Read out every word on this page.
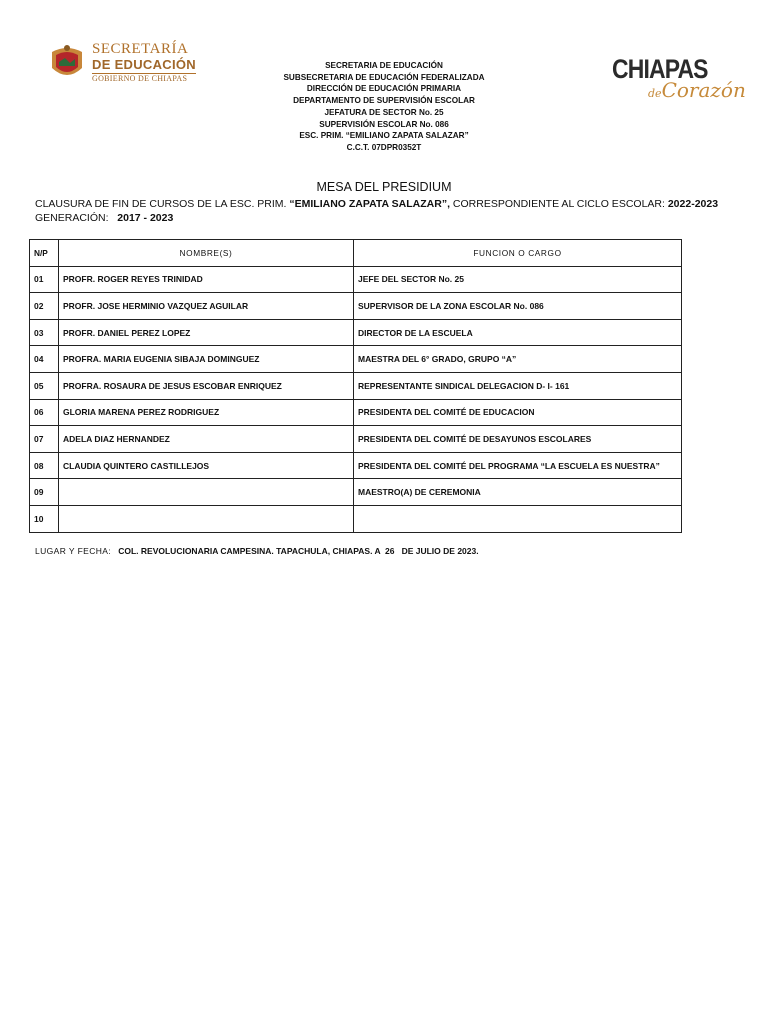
SECRETARÍA
DE EDUCACIÓN
GOBIERNO DE CHIAPAS
SECRETARIA DE EDUCACIÓN
SUBSECRETARIA DE EDUCACIÓN FEDERALIZADA
DIRECCIÓN DE EDUCACIÓN PRIMARIA
DEPARTAMENTO DE SUPERVISIÓN ESCOLAR
JEFATURA DE SECTOR No. 25
SUPERVISIÓN ESCOLAR No. 086
ESC. PRIM. “EMILIANO ZAPATA SALAZAR”
C.C.T. 07DPR0352T
CHIAPAS
deCorazón
MESA DEL PRESIDIUM
CLAUSURA DE FIN DE CURSOS DE LA ESC. PRIM. “EMILIANO ZAPATA SALAZAR”, CORRESPONDIENTE AL CICLO ESCOLAR: 2022-2023
GENERACIÓN: 2017 - 2023
N/P	NOMBRE(S)	FUNCION O CARGO
01	PROFR. ROGER REYES TRINIDAD	JEFE DEL SECTOR No. 25
02	PROFR. JOSE HERMINIO VAZQUEZ AGUILAR	SUPERVISOR DE LA ZONA ESCOLAR No. 086
03	PROFR. DANIEL PEREZ LOPEZ	DIRECTOR DE LA ESCUELA
04	PROFRA. MARIA EUGENIA SIBAJA DOMINGUEZ	MAESTRA DEL 6° GRADO, GRUPO “A”
05	PROFRA. ROSAURA DE JESUS ESCOBAR ENRIQUEZ	REPRESENTANTE SINDICAL DELEGACION D- I- 161
06	GLORIA MARENA PEREZ RODRIGUEZ	PRESIDENTA DEL COMITÉ DE EDUCACION
07	ADELA DIAZ HERNANDEZ	PRESIDENTA DEL COMITÉ DE DESAYUNOS ESCOLARES
08	CLAUDIA QUINTERO CASTILLEJOS	PRESIDENTA DEL COMITÉ DEL PROGRAMA “LA ESCUELA ES NUESTRA”
09		MAESTRO(A) DE CEREMONIA
10		
LUGAR Y FECHA: COL. REVOLUCIONARIA CAMPESINA. TAPACHULA, CHIAPAS. A  26   DE JULIO DE 2023.
